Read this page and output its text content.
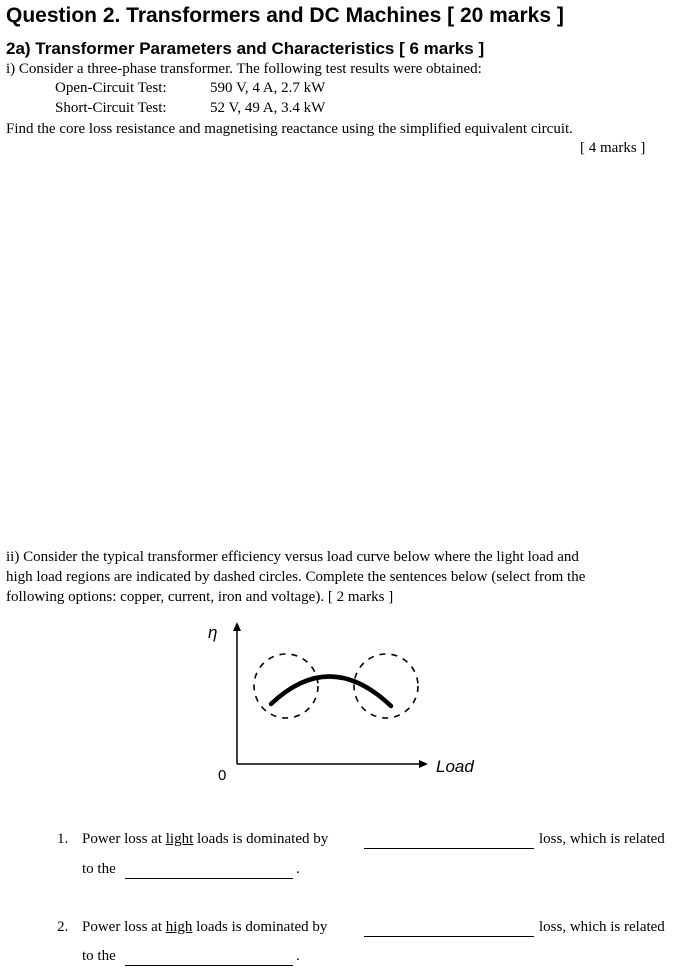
Question 2. Transformers and DC Machines [ 20 marks ]
2a) Transformer Parameters and Characteristics [ 6 marks ]
i) Consider a three-phase transformer. The following test results were obtained:
Open-Circuit Test:	590 V, 4 A, 2.7 kW
Short-Circuit Test:	52 V, 49 A, 3.4 kW
Find the core loss resistance and magnetising reactance using the simplified equivalent circuit.
[ 4 marks ]
ii) Consider the typical transformer efficiency versus load curve below where the light load and
high load regions are indicated by dashed circles. Complete the sentences below (select from the
following options: copper, current, iron and voltage). [ 2 marks ]
η
0	Load
1. Power loss at light loads is dominated by	loss, which is related
to the	.
2. Power loss at high loads is dominated by	loss, which is related
to the	.
